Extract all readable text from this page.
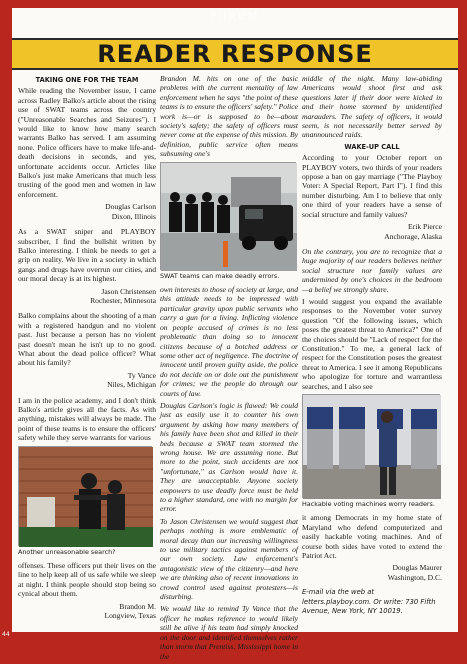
FORUM
READER RESPONSE
TAKING ONE FOR THE TEAM

While reading the November issue, I came across Radley Balko's article about the rising use of SWAT teams across the country ("Unreasonable Searches and Seizures"). I would like to know how many search warrants Balko has served. I am assuming none. Police officers have to make life-and-death decisions in seconds, and yes, unfortunate accidents occur. Articles like Balko's just make Americans that much less trusting of the good men and women in law enforcement.

Douglas Carlson
Dixon, Illinois

As a SWAT sniper and PLAYBOY subscriber, I find the bullshit written by Balko interesting. I think he needs to get a grip on reality. We live in a society in which gangs and drugs have overrun our cities, and our moral decay is at its highest.

Jason Christensen
Rochester, Minnesota

Balko complains about the shooting of a man with a registered handgun and no violent past. Just because a person has no violent past doesn't mean he isn't up to no good. What about the dead police officer? What about his family?

Ty Vance
Niles, Michigan

I am in the police academy, and I don't think Balko's article gives all the facts. As with anything, mistakes will always be made. The point of these teams is to ensure the officers' safety while they serve warrants for various

Another unreasonable search?

offenses. These officers put their lives on the line to help keep all of us safe while we sleep at night. I think people should stop being so cynical about them.

Brandon M.
Longview, Texas

Brandon M. hits on one of the basic problems with the current mentality of law enforcement when he says "the point of these teams is to ensure the officers' safety." Police work is—or is supposed to be—about society's safety; the safety of officers must never come at the expense of this mission. By definition, public service often means subsuming one's

SWAT teams can make deadly errors.

own interests to those of society at large, and this attitude needs to be impressed with particular gravity upon public servants who carry a gun for a living. Inflicting violence on people accused of crimes is no less problematic than doing so to innocent citizens because of a botched address or some other act of negligence. The doctrine of innocent until proven guilty aside, the police do not decide on or dole out the punishment for crimes; we the people do through our courts of law.

Douglas Carlson's logic is flawed: We could just as easily use it to counter his own argument by asking how many members of his family have been shot and killed in their beds because a SWAT team stormed the wrong house. We are assuming none. But more to the point, such accidents are not "unfortunate," as Carlson would have it. They are unacceptable. Anyone society empowers to use deadly force must be held to a higher standard, one with no margin for error.

To Jason Christensen we would suggest that perhaps nothing is more emblematic of moral decay than our increasing willingness to use military tactics against members of our own society. Law enforcement's antagonistic view of the citizenry—and here we are thinking also of recent innovations in crowd control used against protesters—is disturbing.

We would like to remind Ty Vance that the officer he makes reference to would likely still be alive if his team had simply knocked on the door and identified themselves rather than storm that Prentiss, Mississippi home in the

middle of the night. Many law-abiding Americans would shoot first and ask questions later if their door were kicked in and their home stormed by unidentified marauders. The safety of officers, it would seem, is not necessarily better served by unannounced raids.

WAKE-UP CALL

According to your October report on PLAYBOY voters, two thirds of your readers oppose a ban on gay marriage ("The Playboy Voter: A Special Report, Part I"). I find this number disturbing. Am I to believe that only one third of your readers have a sense of social structure and family values?

Erik Pierce
Anchorage, Alaska

On the contrary, you are to recognize that a huge majority of our readers believes neither social structure nor family values are undermined by one's choices in the bedroom—a belief we strongly share.

I would suggest you expand the available responses to the November voter survey question "Of the following issues, which poses the greatest threat to America?" One of the choices should be "Lack of respect for the Constitution." To me, a general lack of respect for the Constitution poses the greatest threat to America. I see it among Republicans who apologize for torture and warrantless searches, and I also see

Hackable voting machines worry readers.

it among Democrats in my home state of Maryland who defend computerized and easily hackable voting machines. And of course both sides have voted to extend the Patriot Act.

Douglas Maurer
Washington, D.C.
E-mail via the web at letters.playboy.com. Or write: 730 Fifth Avenue, New York, NY 10019.
44
